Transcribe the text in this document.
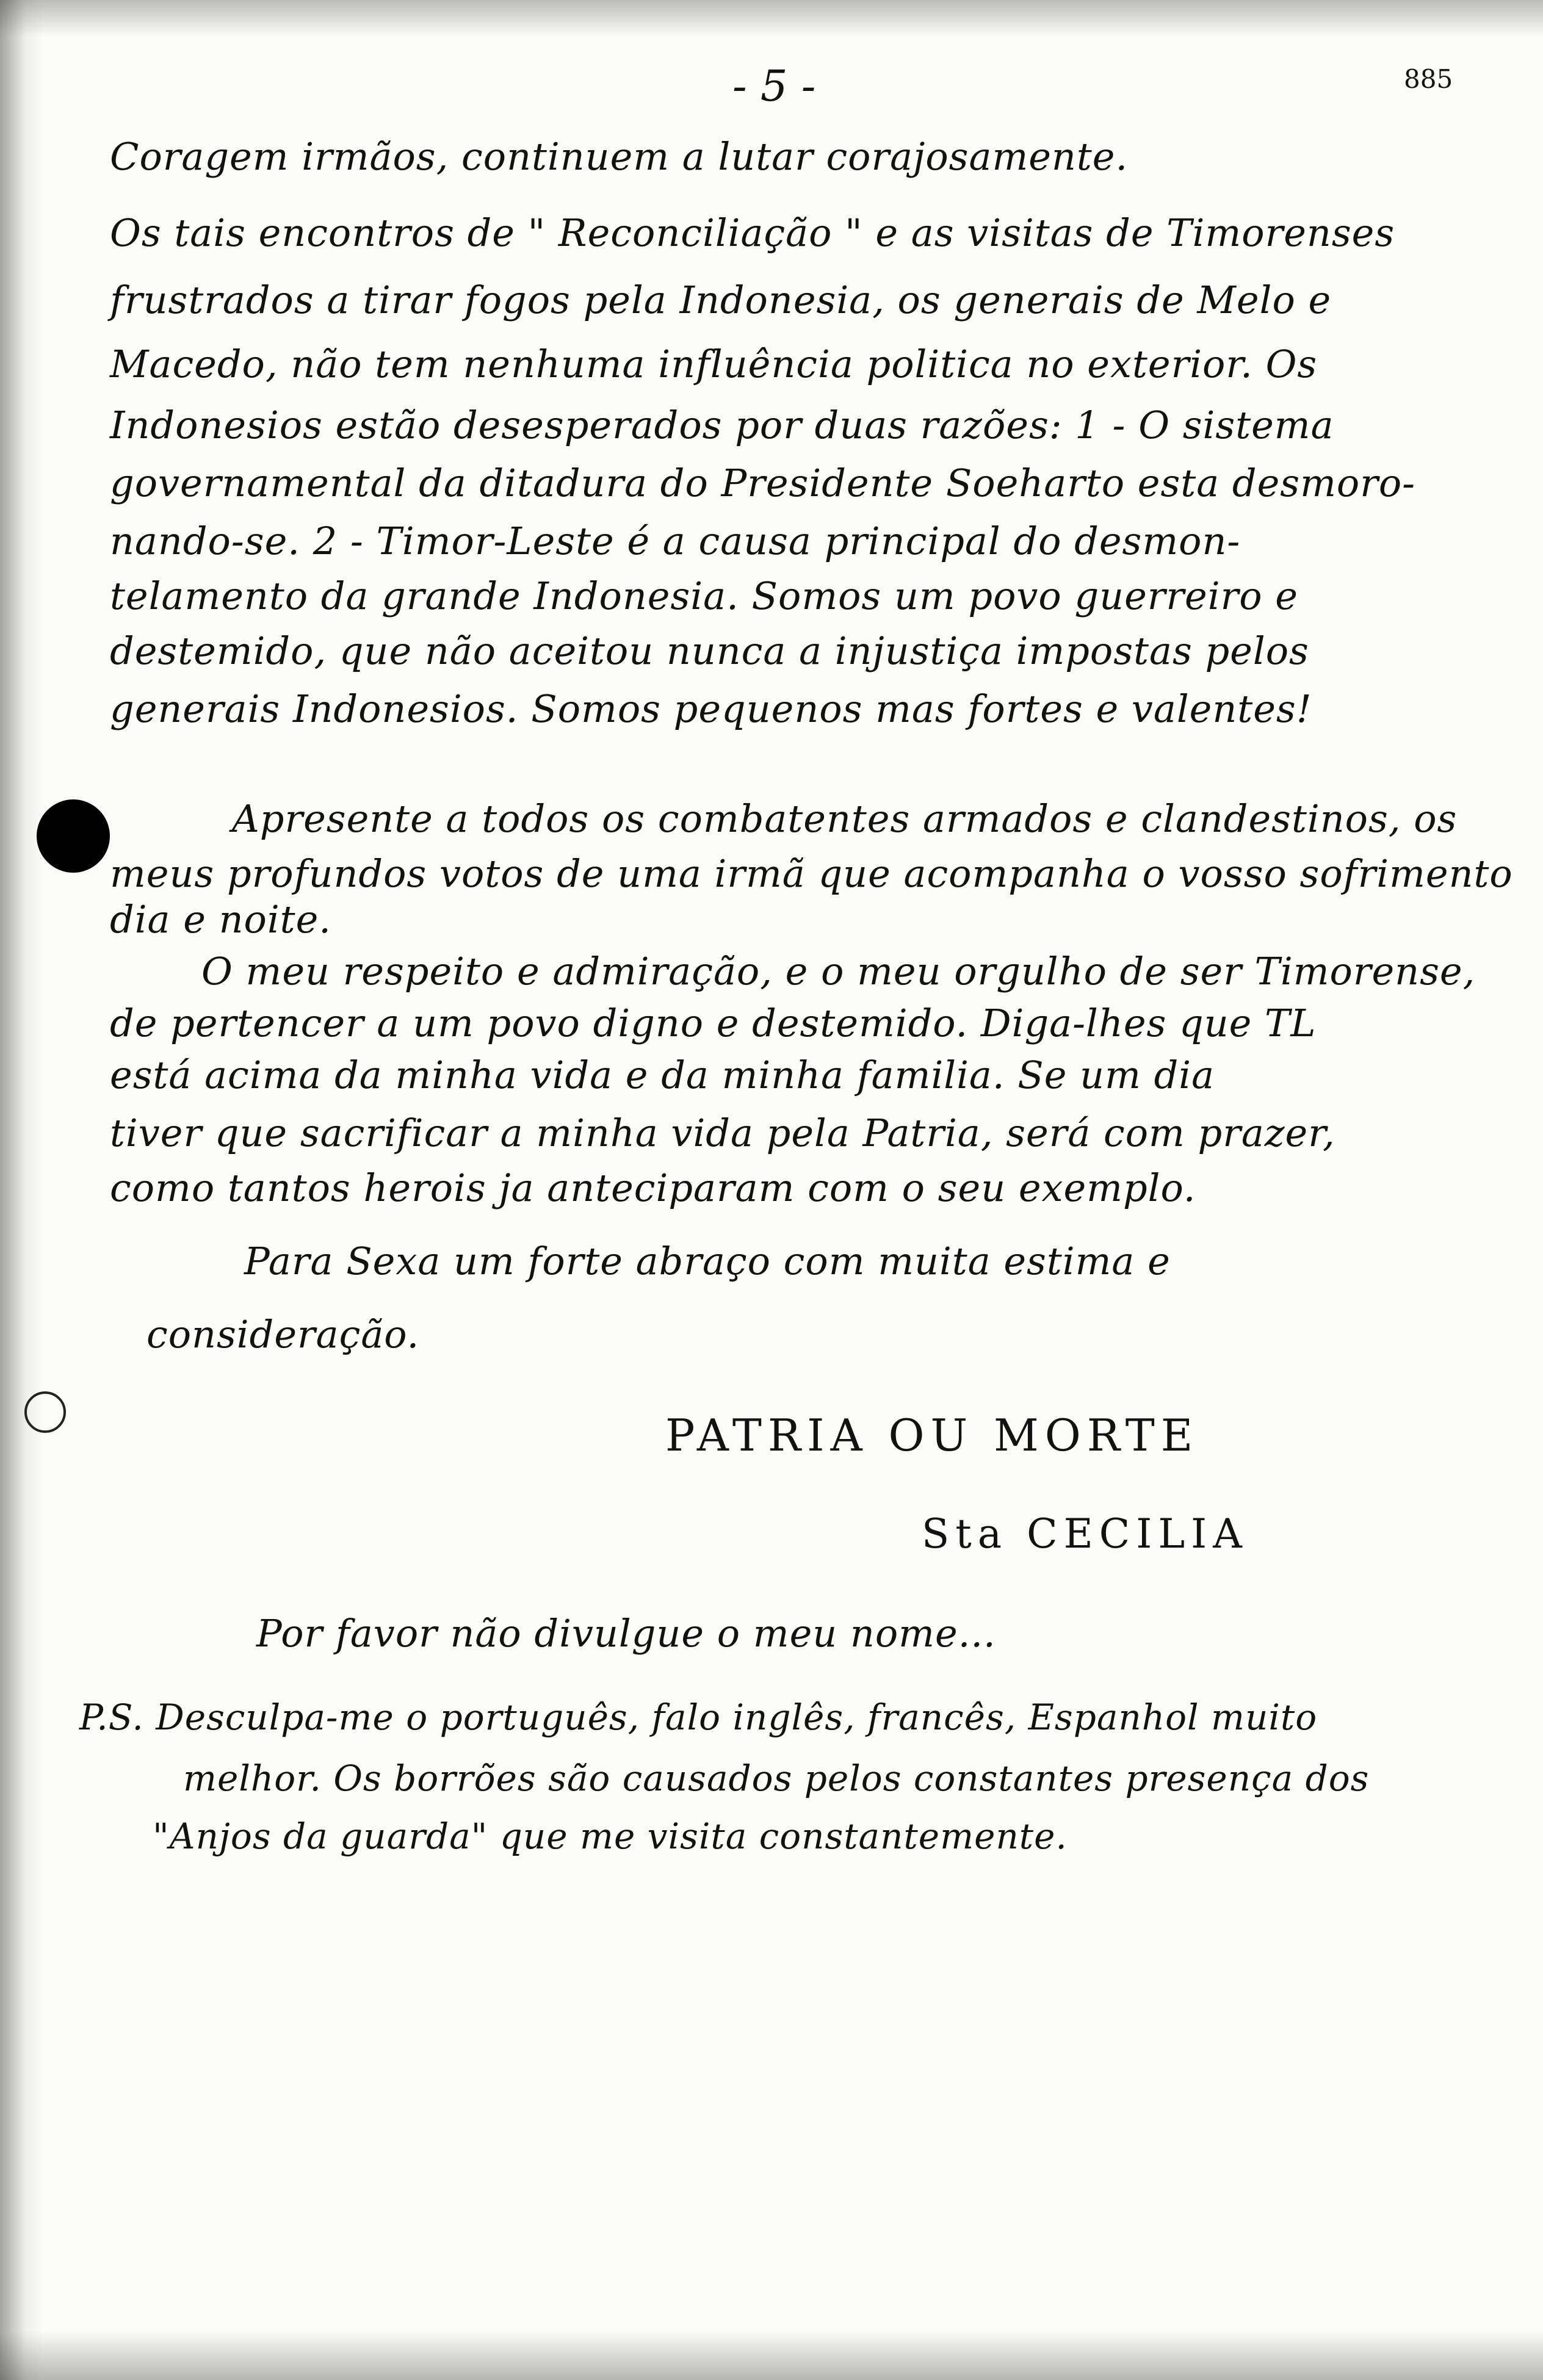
- 5 -	885
Coragem irmãos, continuem a lutar corajosamente.
Os tais encontros de " Reconciliação " e as visitas de Timorenses
frustrados a tirar fogos pela Indonesia, os generais de Melo e
Macedo, não tem nenhuma influência politica no exterior. Os
Indonesios estão desesperados por duas razões: 1 - O sistema
governamental da ditadura do Presidente Soeharto esta desmoro-
nando-se. 2 - Timor-Leste é a causa principal do desmon-
telamento da grande Indonesia. Somos um povo guerreiro e
destemido, que não aceitou nunca a injustiça impostas pelos
generais Indonesios. Somos pequenos mas fortes e valentes!
Apresente a todos os combatentes armados e clandestinos, os
meus profundos votos de uma irmã que acompanha o vosso sofrimento
dia e noite.
O meu respeito e admiração, e o meu orgulho de ser Timorense,
de pertencer a um povo digno e destemido. Diga-lhes que TL
está acima da minha vida e da minha familia. Se um dia
tiver que sacrificar a minha vida pela Patria, será com prazer,
como tantos herois ja anteciparam com o seu exemplo.
Para Sexa um forte abraço com muita estima e
consideração.
PATRIA OU MORTE
Sta CECILIA
Por favor não divulgue o meu nome...
P.S. Desculpa-me o português, falo inglês, francês, Espanhol muito
melhor. Os borrões são causados pelos constantes presença dos
"Anjos da guarda" que me visita constantemente.
